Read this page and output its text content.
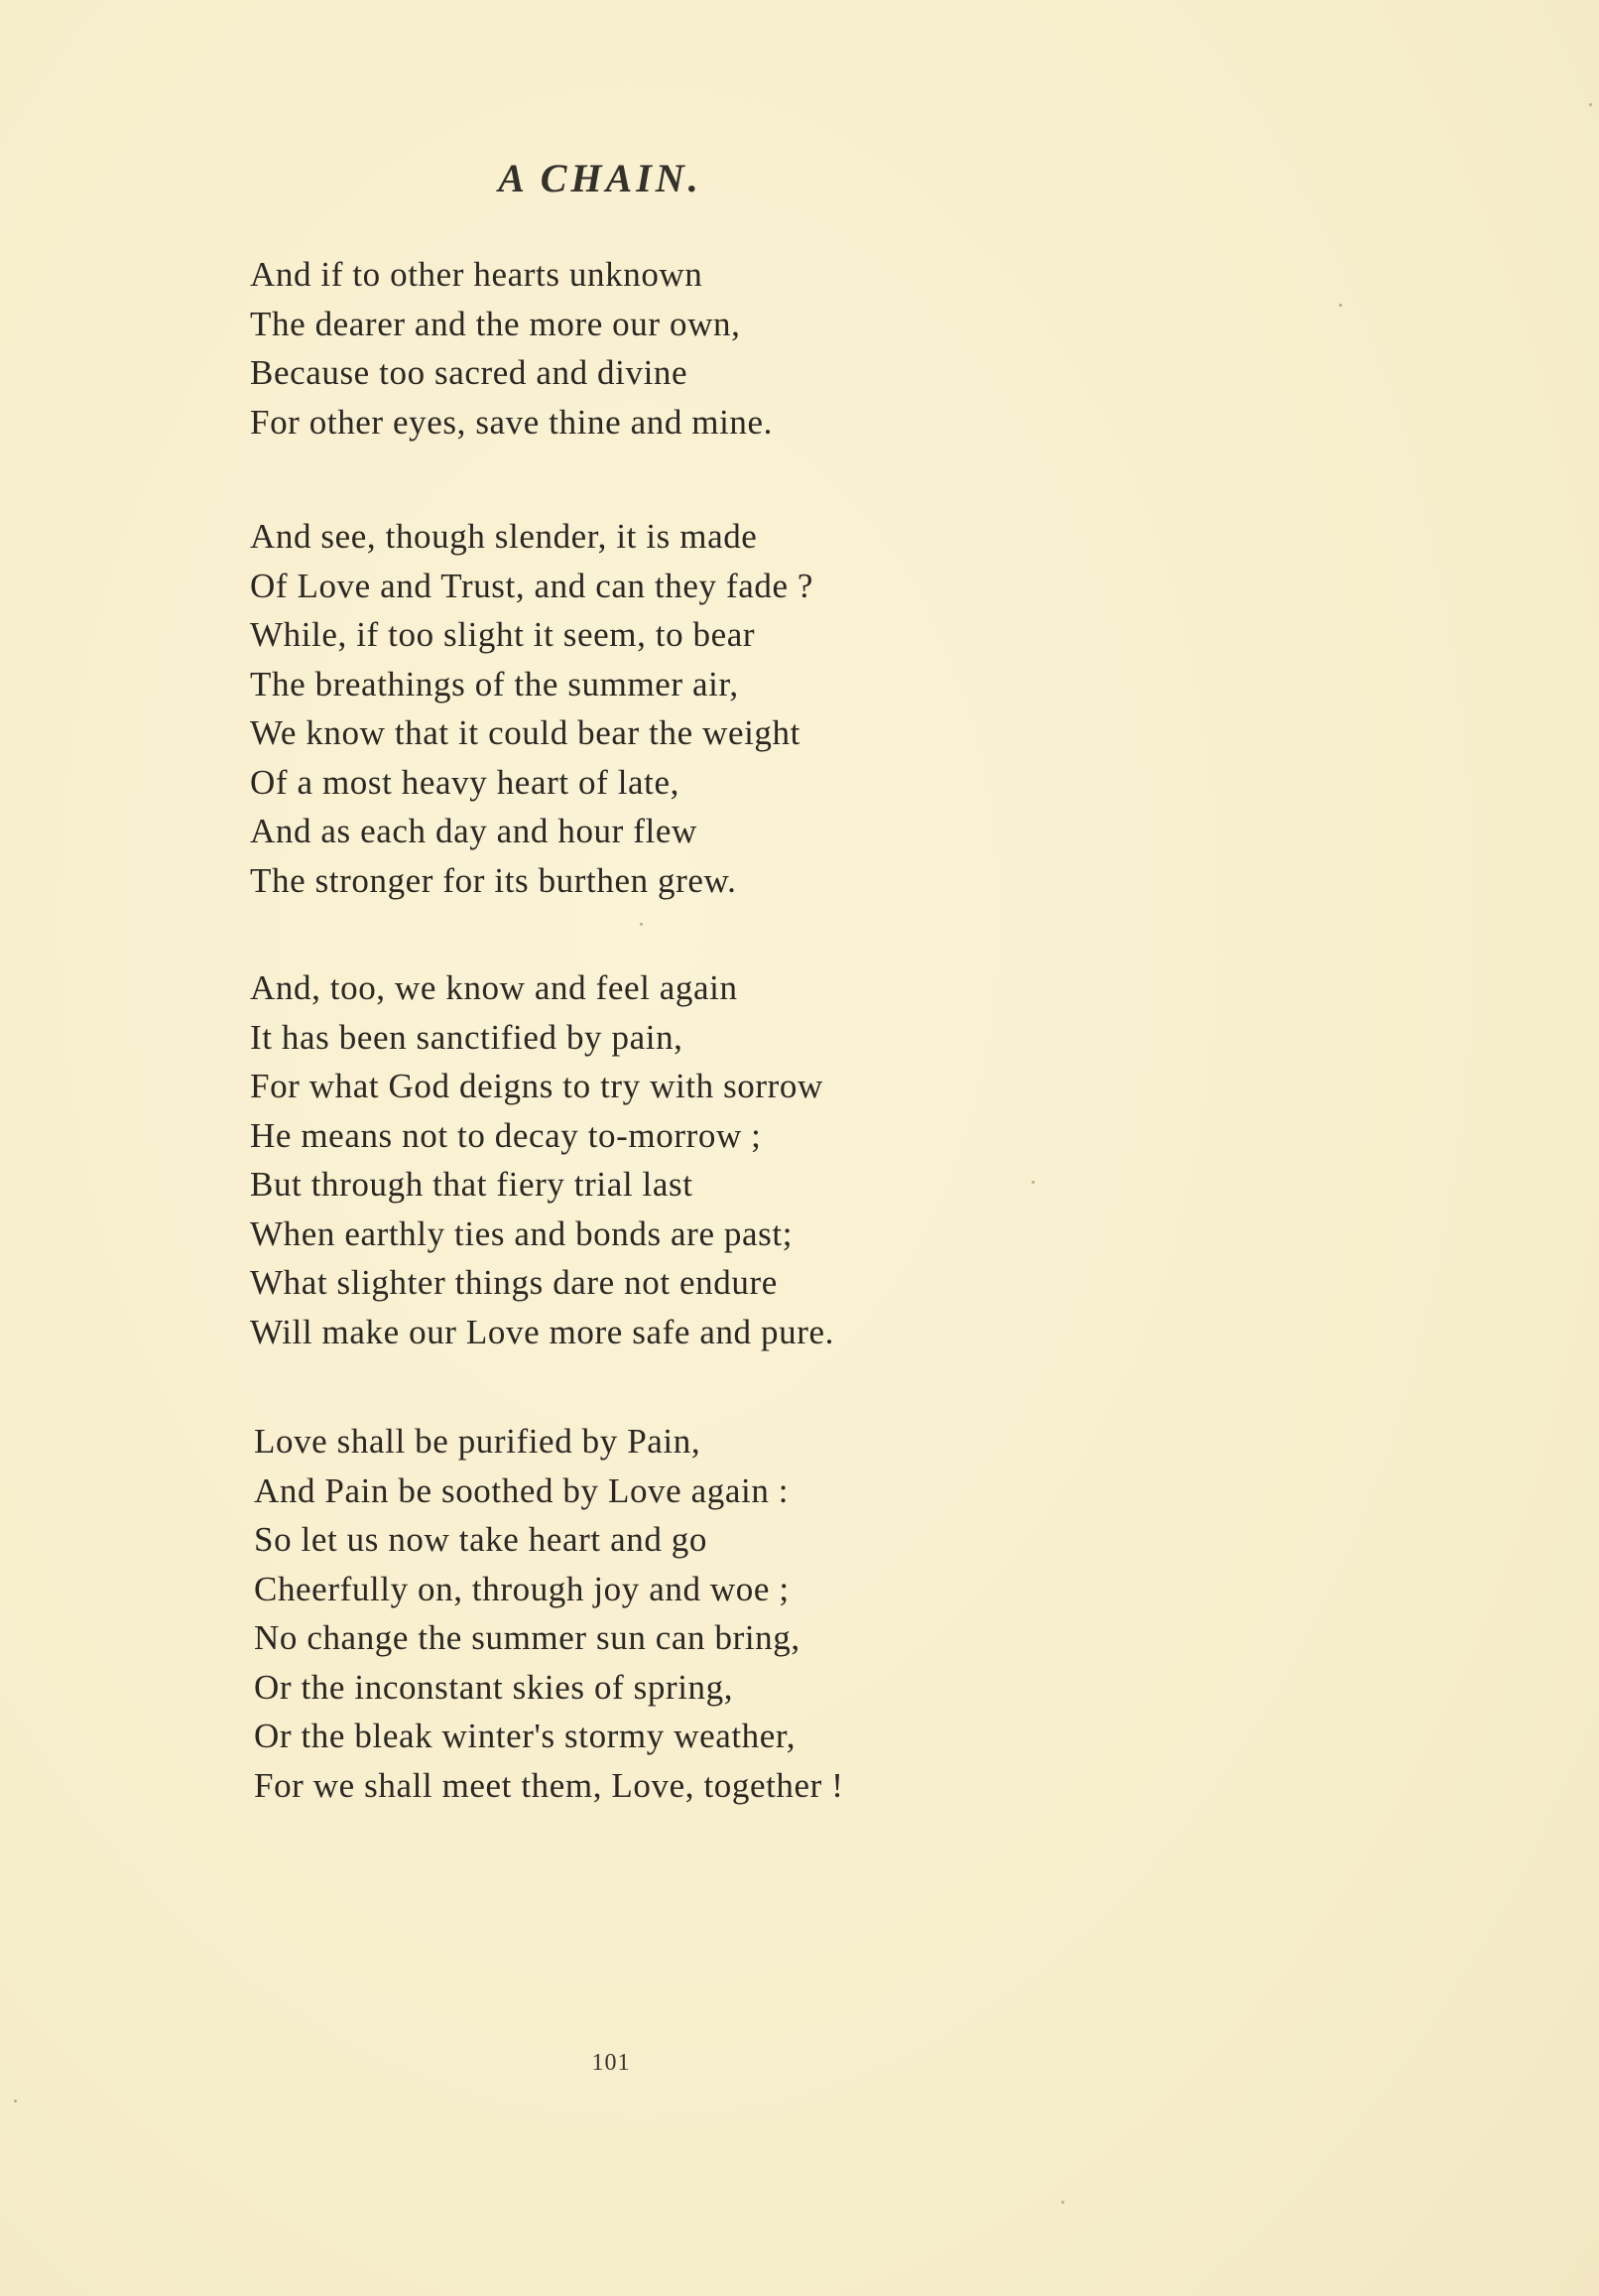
A CHAIN.
And if to other hearts unknown
The dearer and the more our own,
Because too sacred and divine
For other eyes, save thine and mine.
And see, though slender, it is made
Of Love and Trust, and can they fade ?
While, if too slight it seem, to bear
The breathings of the summer air,
We know that it could bear the weight
Of a most heavy heart of late,
And as each day and hour flew
The stronger for its burthen grew.
And, too, we know and feel again
It has been sanctified by pain,
For what God deigns to try with sorrow
He means not to decay to-morrow ;
But through that fiery trial last
When earthly ties and bonds are past;
What slighter things dare not endure
Will make our Love more safe and pure.
Love shall be purified by Pain,
And Pain be soothed by Love again :
So let us now take heart and go
Cheerfully on, through joy and woe ;
No change the summer sun can bring,
Or the inconstant skies of spring,
Or the bleak winter's stormy weather,
For we shall meet them, Love, together !
101
